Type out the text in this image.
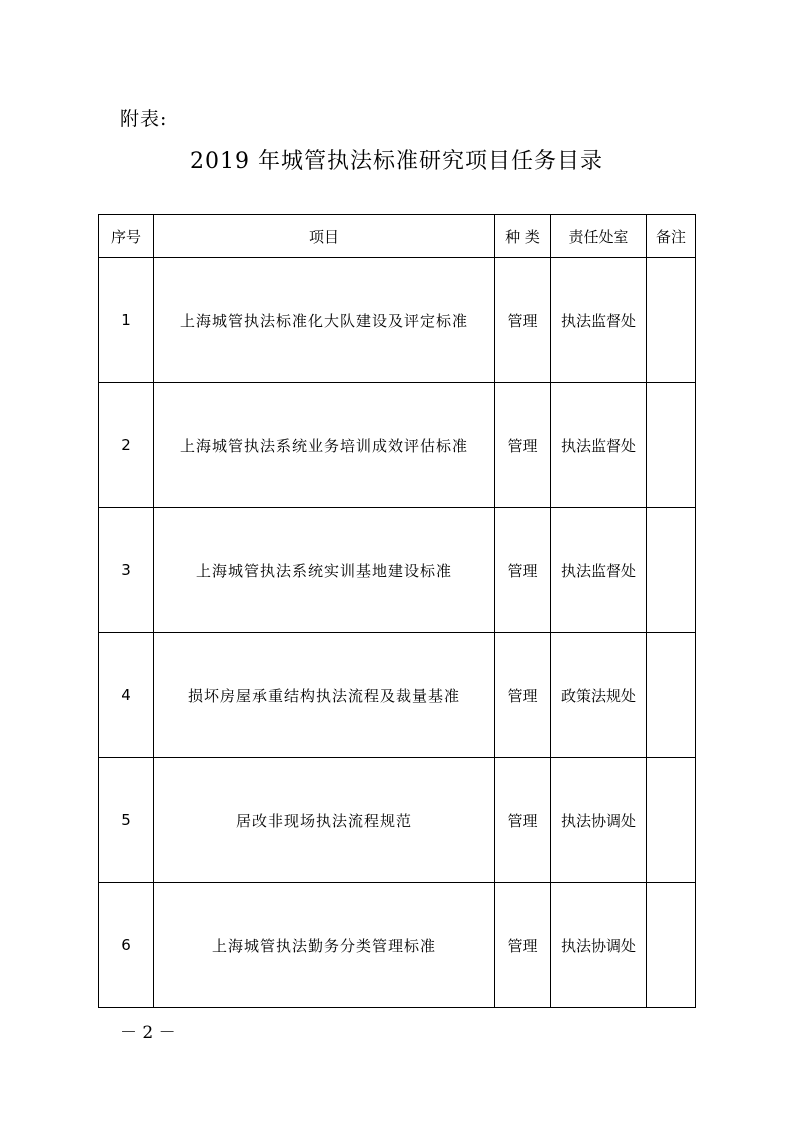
附表:
2019 年城管执法标准研究项目任务目录
序号	项目	种 类	责任处室	备注
1	上海城管执法标准化大队建设及评定标准	管理	执法监督处	
2	上海城管执法系统业务培训成效评估标准	管理	执法监督处	
3	上海城管执法系统实训基地建设标准	管理	执法监督处	
4	损坏房屋承重结构执法流程及裁量基准	管理	政策法规处	
5	居改非现场执法流程规范	管理	执法协调处	
6	上海城管执法勤务分类管理标准	管理	执法协调处	
－ 2 －
